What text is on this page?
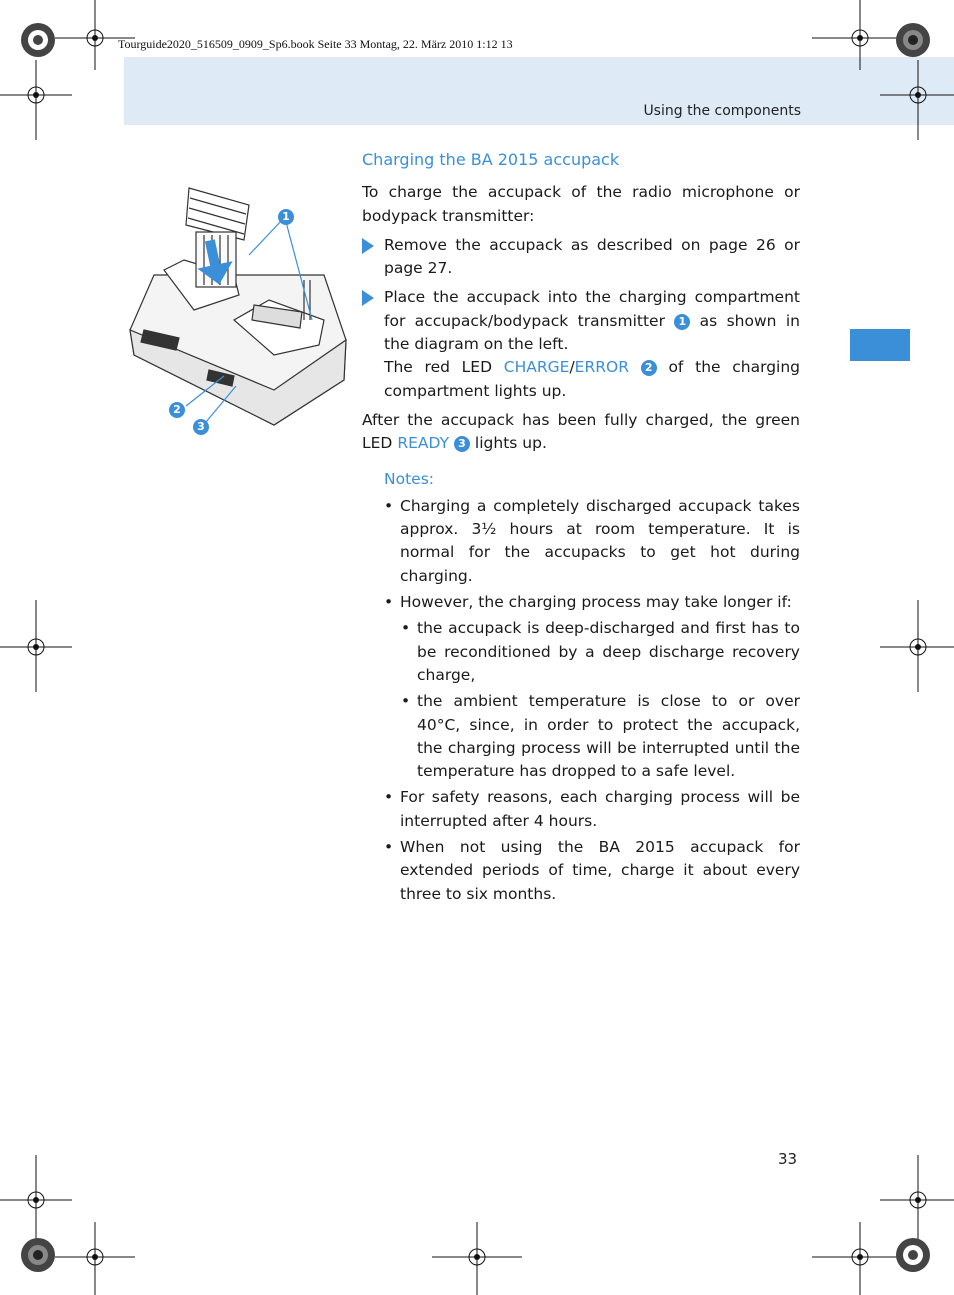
Tourguide2020_516509_0909_Sp6.book Seite 33 Montag, 22. März 2010 1:12 13
Using the components
1
2
3
Charging the BA 2015 accupack

To charge the accupack of the radio microphone or bodypack transmitter:

Remove the accupack as described on page 26 or page 27.
Place the accupack into the charging compartment for accupack/bodypack transmitter 1 as shown in the diagram on the left.
The red LED CHARGE/ERROR 2 of the charging compartment lights up.

After the accupack has been fully charged, the green LED READY 3 lights up.

Notes:
• Charging a completely discharged accupack takes approx. 3½ hours at room temperature. It is normal for the accupacks to get hot during charging.
• However, the charging process may take longer if:
• the accupack is deep-discharged and first has to be reconditioned by a deep discharge recovery charge,
• the ambient temperature is close to or over 40°C, since, in order to protect the accupack, the charging process will be interrupted until the temperature has dropped to a safe level.
• For safety reasons, each charging process will be interrupted after 4 hours.
• When not using the BA 2015 accupack for extended periods of time, charge it about every three to six months.
33
